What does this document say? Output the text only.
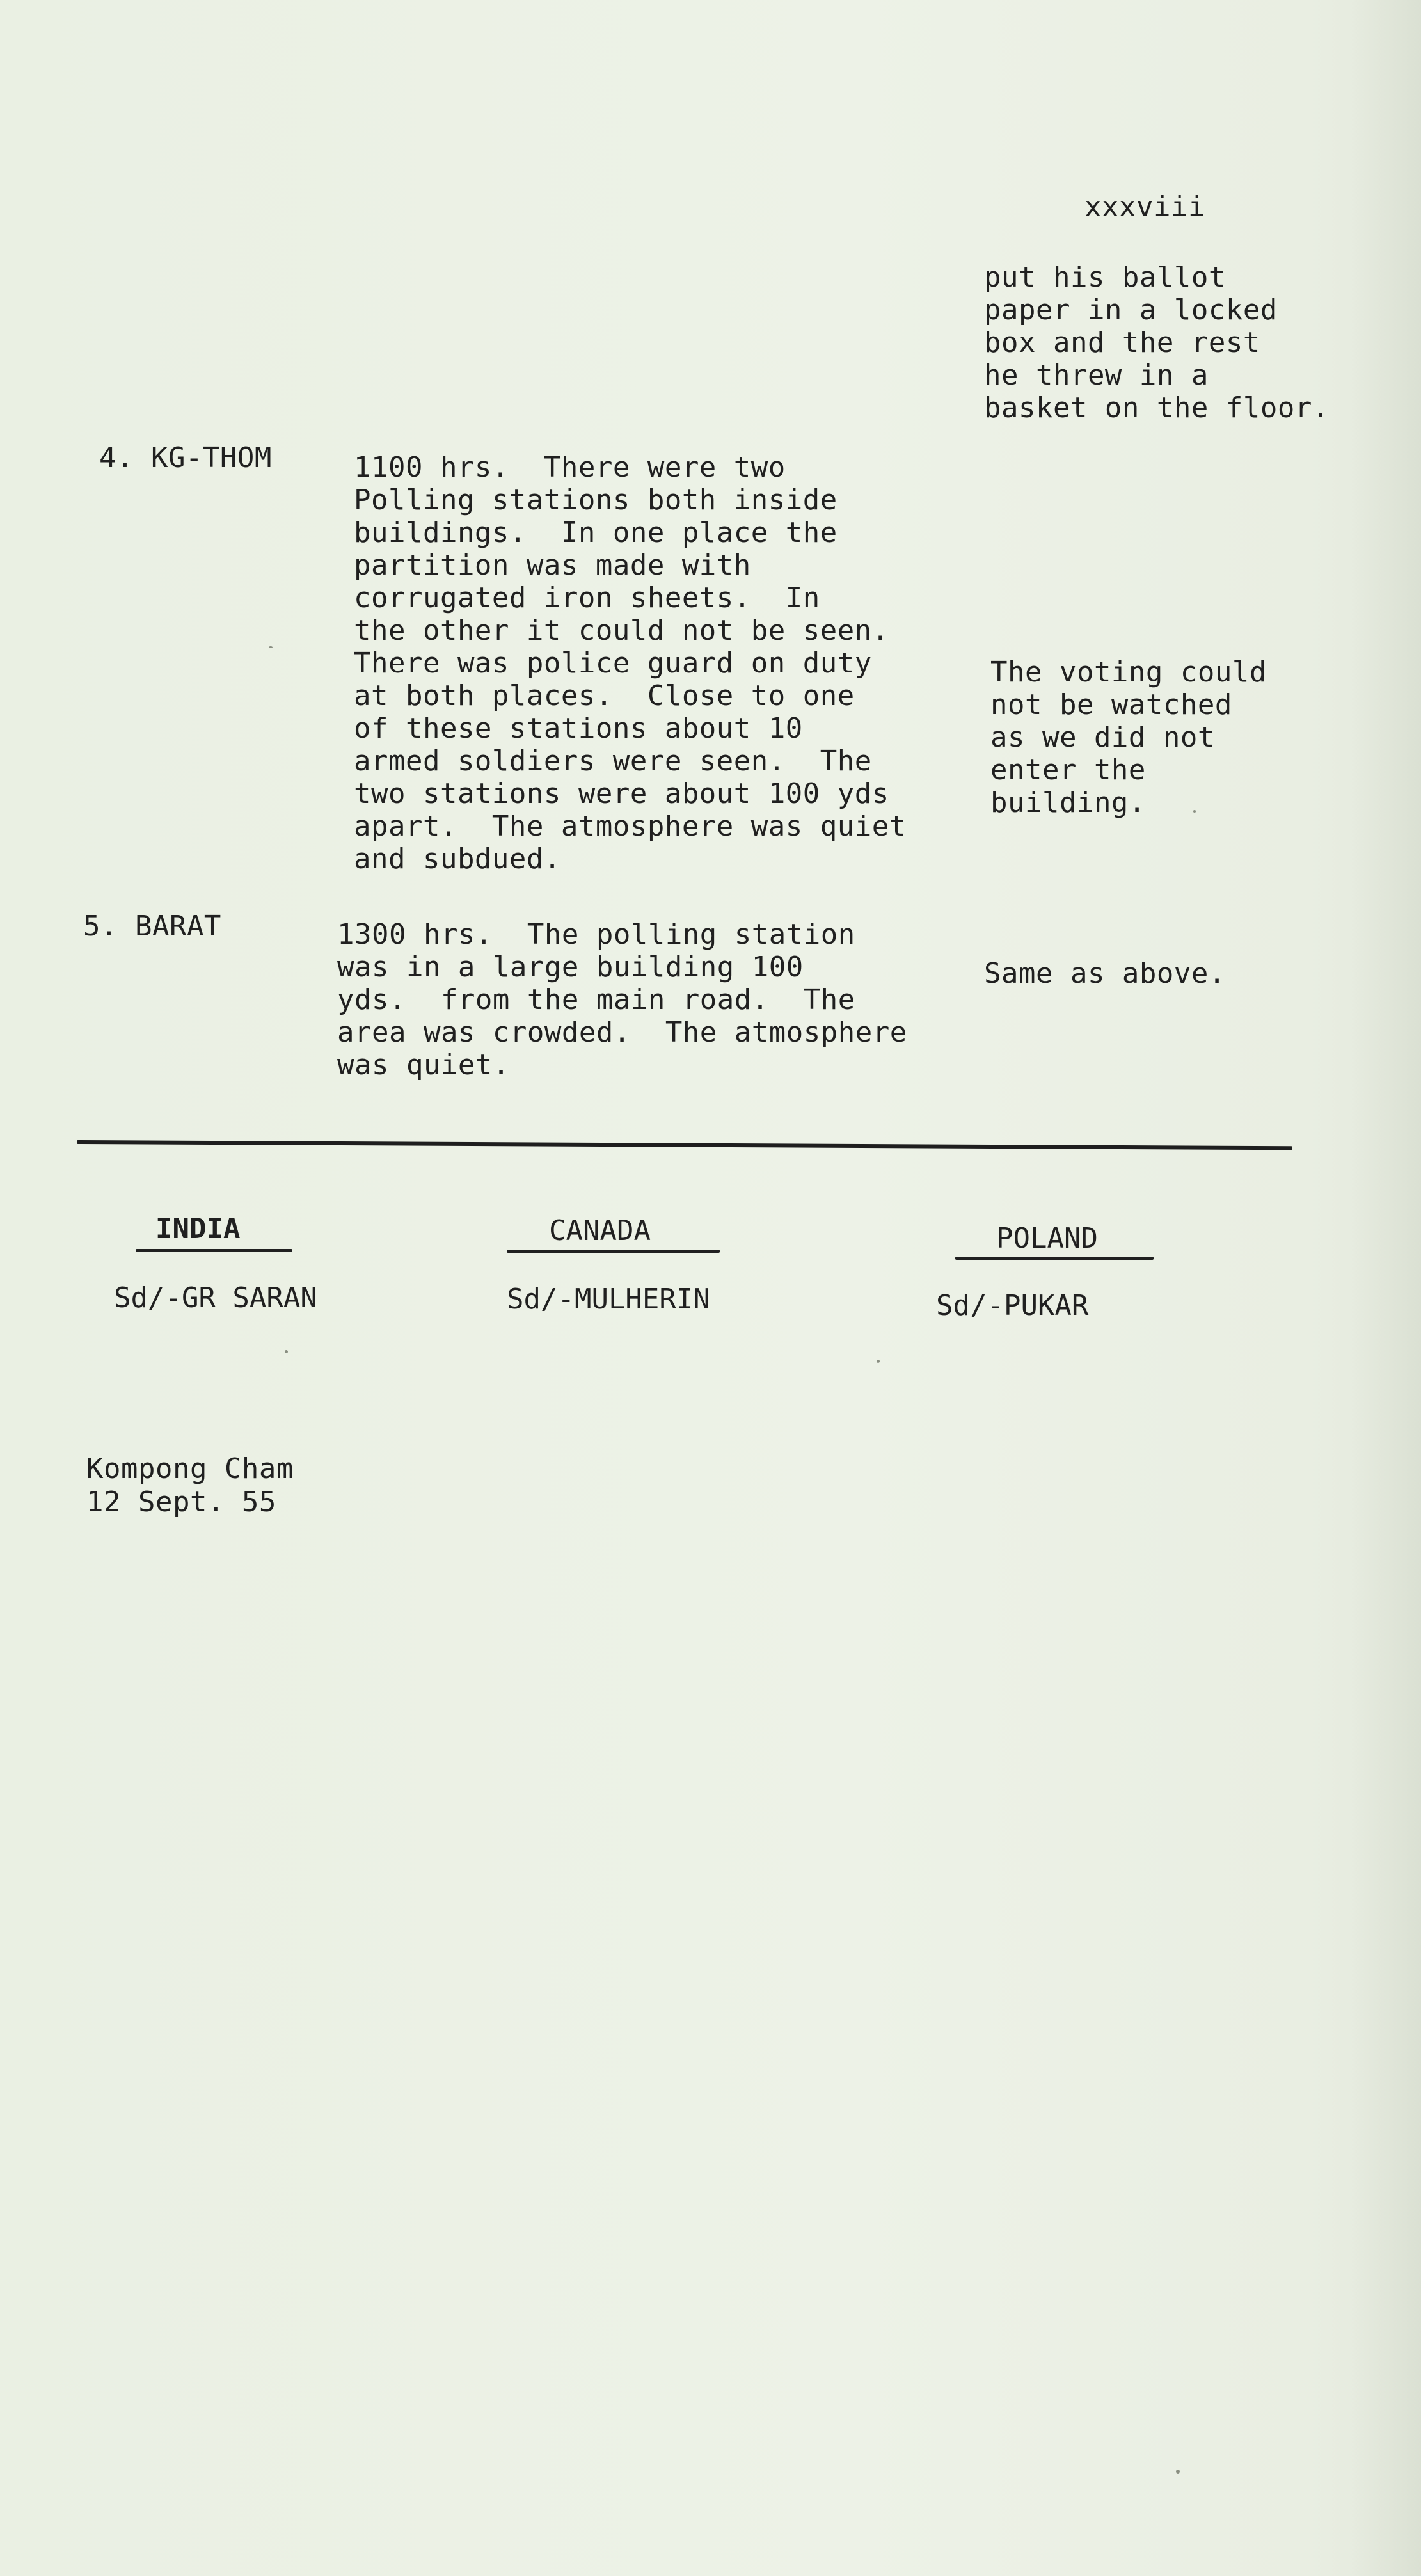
xxxviii
put his ballot
paper in a locked
box and the rest
he threw in a
basket on the floor.
4. KG-THOM	1100 hrs.  There were two
Polling stations both inside
buildings.  In one place the
partition was made with
corrugated iron sheets.  In
the other it could not be seen.
There was police guard on duty
at both places.  Close to one
of these stations about 10
armed soldiers were seen.  The
two stations were about 100 yds
apart.  The atmosphere was quiet
and subdued.
The voting could
not be watched
as we did not
enter the
building.
5. BARAT	1300 hrs.  The polling station
was in a large building 100
yds.  from the main road.  The
area was crowded.  The atmosphere
was quiet.
Same as above.
INDIA
Sd/-GR SARAN
CANADA
Sd/-MULHERIN
POLAND
Sd/-PUKAR
Kompong Cham
12 Sept. 55
